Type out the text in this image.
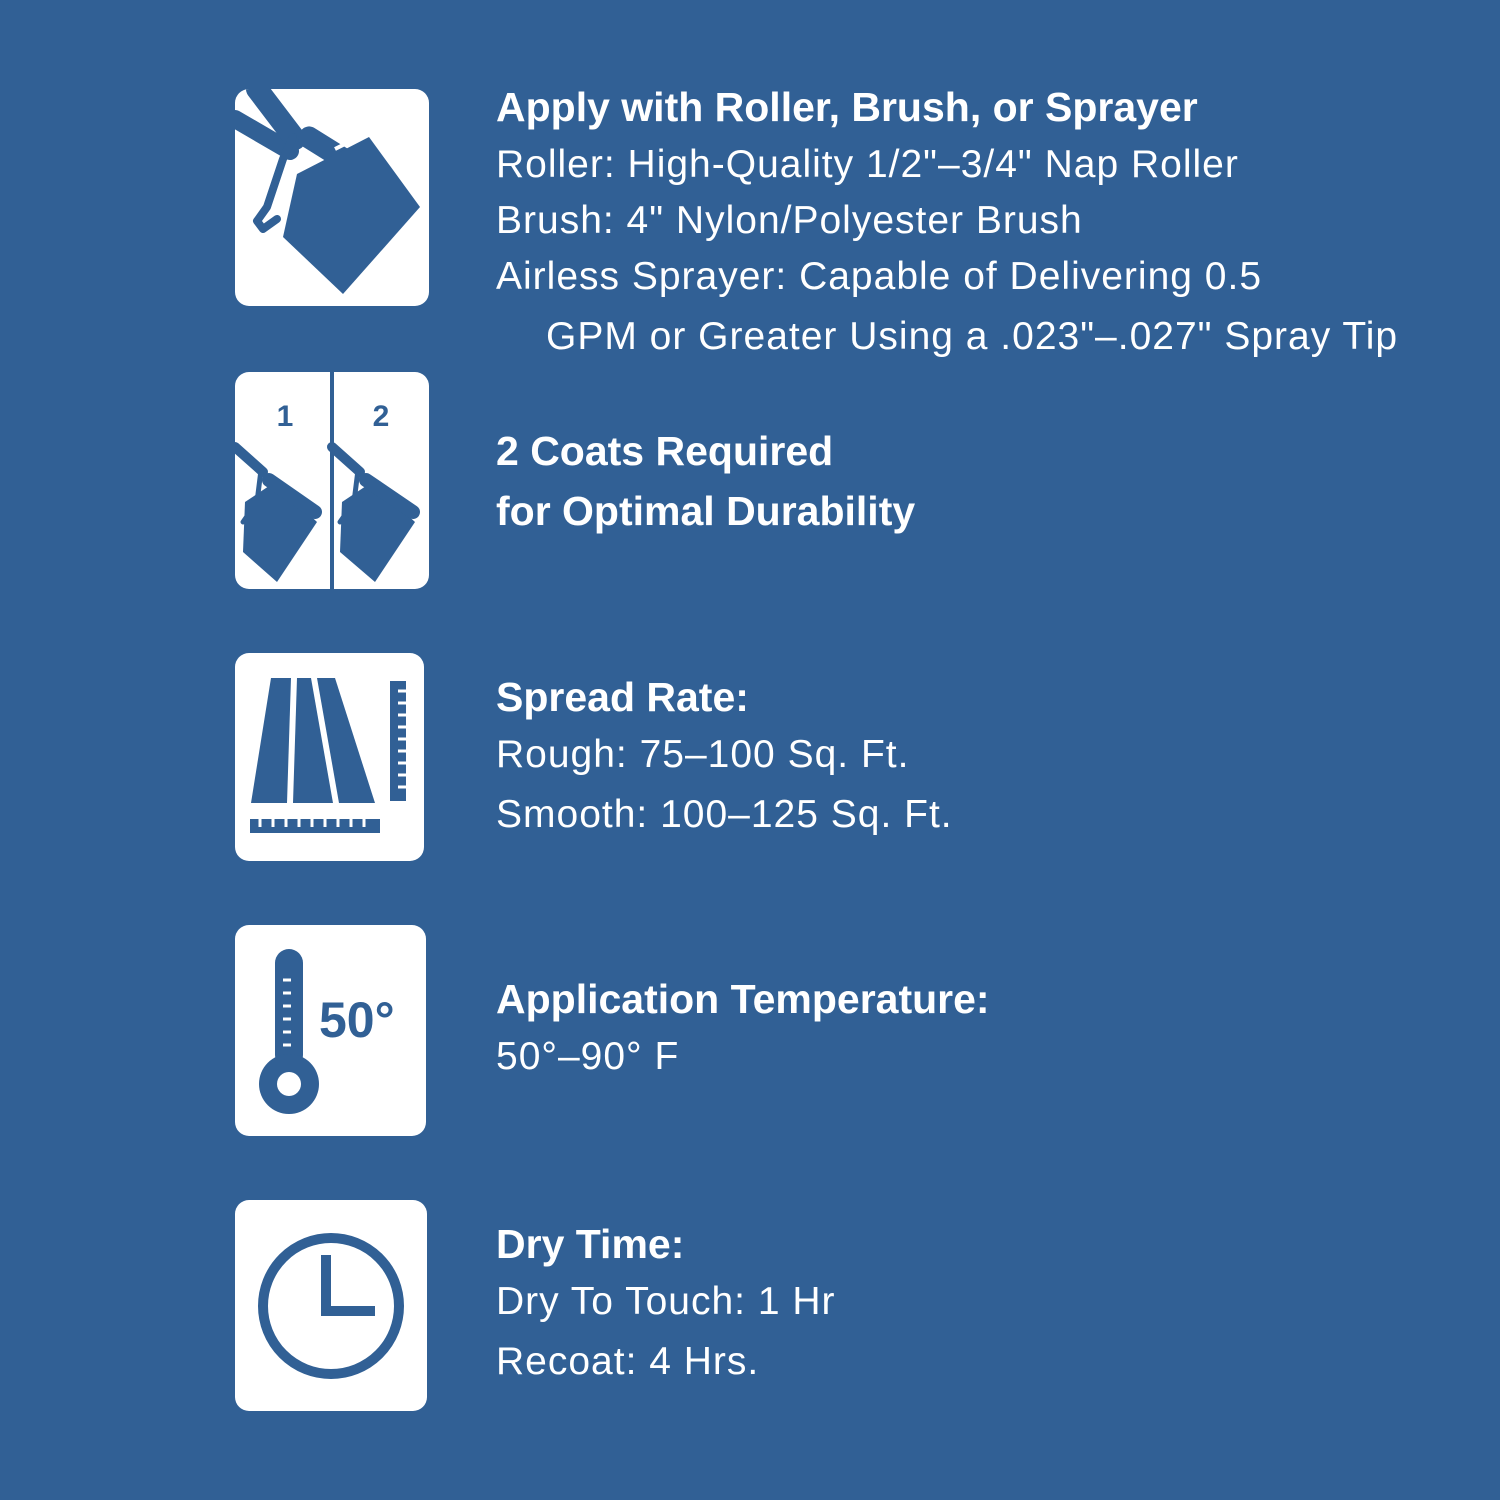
Apply with Roller, Brush, or Sprayer
Roller: High-Quality 1/2"–3/4" Nap Roller
Brush: 4" Nylon/Polyester Brush
Airless Sprayer: Capable of Delivering 0.5
GPM or Greater Using a .023"–.027" Spray Tip
1	2
2 Coats Required
for Optimal Durability
Spread Rate:
Rough: 75–100 Sq. Ft.
Smooth: 100–125 Sq. Ft.
50° Application Temperature:
50°–90° F
Dry Time:
Dry To Touch: 1 Hr
Recoat: 4 Hrs.
